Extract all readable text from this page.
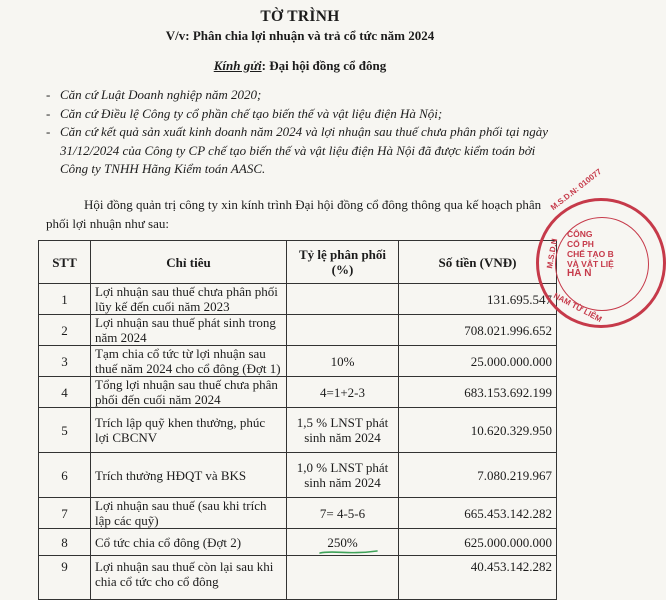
TỜ TRÌNH
V/v: Phân chia lợi nhuận và trả cổ tức năm 2024
Kính gửi: Đại hội đồng cổ đông
- Căn cứ Luật Doanh nghiệp năm 2020;
- Căn cứ Điều lệ Công ty cổ phần chế tạo biến thế và vật liệu điện Hà Nội;
- Căn cứ kết quả sản xuất kinh doanh năm 2024 và lợi nhuận sau thuế chưa phân phối tại ngày 31/12/2024 của Công ty CP chế tạo biến thế và vật liệu điện Hà Nội đã được kiểm toán bởi Công ty TNHH Hãng Kiểm toán AASC.

Hội đồng quản trị công ty xin kính trình Đại hội đồng cổ đông thông qua kế hoạch phân phối lợi nhuận như sau:

STT	Chỉ tiêu	Tỷ lệ phân phối (%)	Số tiền (VNĐ)
1	Lợi nhuận sau thuế chưa phân phối lũy kế đến cuối năm 2023		131.695.547
2	Lợi nhuận sau thuế phát sinh trong năm 2024		708.021.996.652
3	Tạm chia cổ tức từ lợi nhuận sau thuế năm 2024 cho cổ đông (Đợt 1)	10%	25.000.000.000
4	Tổng lợi nhuận sau thuế chưa phân phối đến cuối năm 2024	4=1+2-3	683.153.692.199
5	Trích lập quỹ khen thưởng, phúc lợi CBCNV	1,5 % LNST phát sinh năm 2024	10.620.329.950
6	Trích thưởng HĐQT và BKS	1,0 % LNST phát sinh năm 2024	7.080.219.967
7	Lợi nhuận sau thuế (sau khi trích lập các quỹ)	7= 4-5-6	665.453.142.282
8	Cổ tức chia cổ đông (Đợt 2)	250%	625.000.000.000
9	Lợi nhuận sau thuế còn lại sau khi chia cổ tức cho cổ đông		40.453.142.282
M.S.D.N: 010077
M.S.D.N
NAM TỪ LIÊM
CÔNG
CỔ PH
CHẾ TẠO B
VÀ VẬT LIỆ
HÀ N
